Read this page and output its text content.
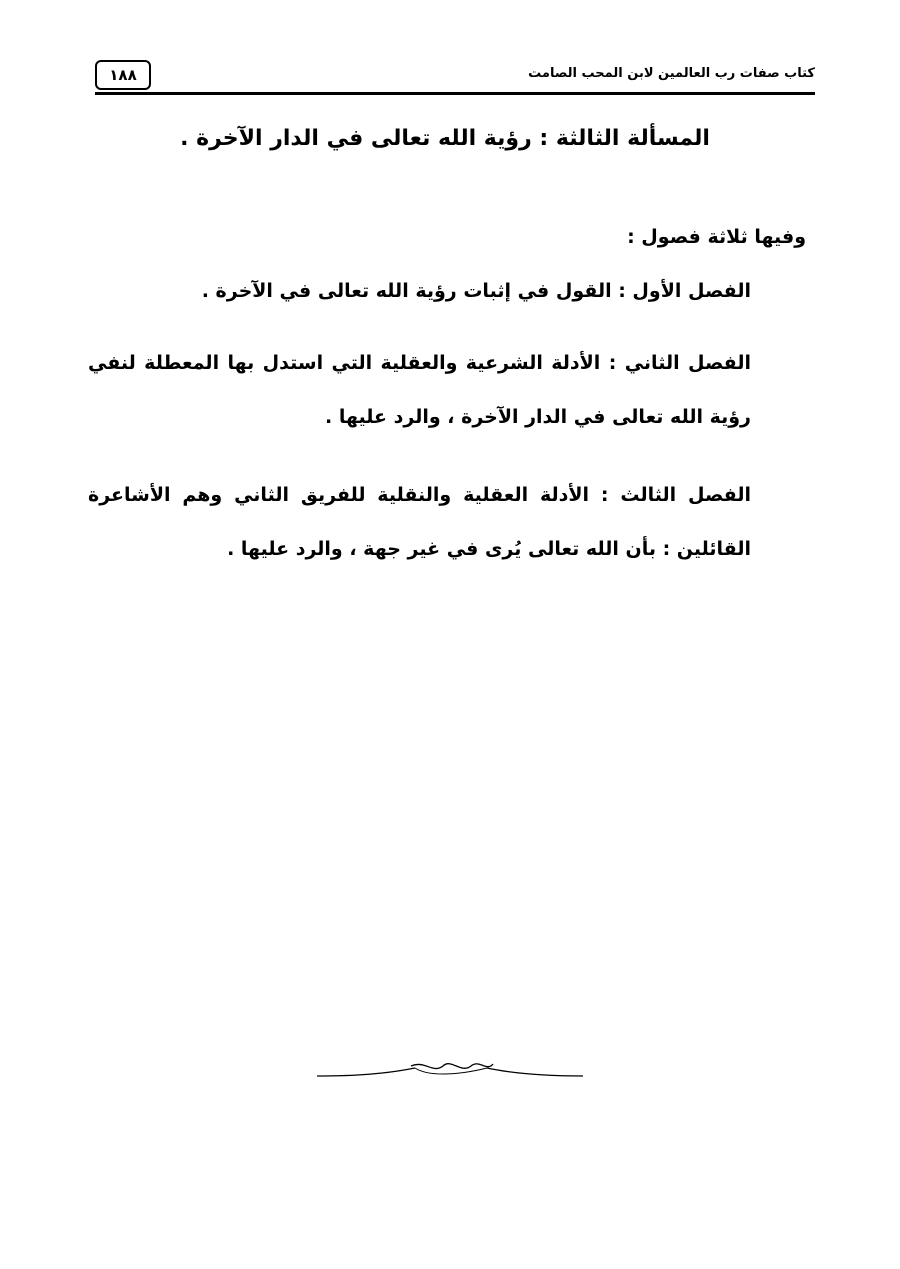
١٨٨	كتاب صفات رب العالمين لابن المحب الصامت
المسألة الثالثة : رؤية الله تعالى في الدار الآخرة .

وفيها ثلاثة فصول :

الفصل الأول : القول في إثبات رؤية الله تعالى في الآخرة .

الفصل الثاني : الأدلة الشرعية والعقلية التي استدل بها المعطلة لنفي رؤية الله تعالى في الدار الآخرة ، والرد عليها .

الفصل الثالث : الأدلة العقلية والنقلية للفريق الثاني وهم الأشاعرة القائلين : بأن الله تعالى يُرى في غير جهة ، والرد عليها .
